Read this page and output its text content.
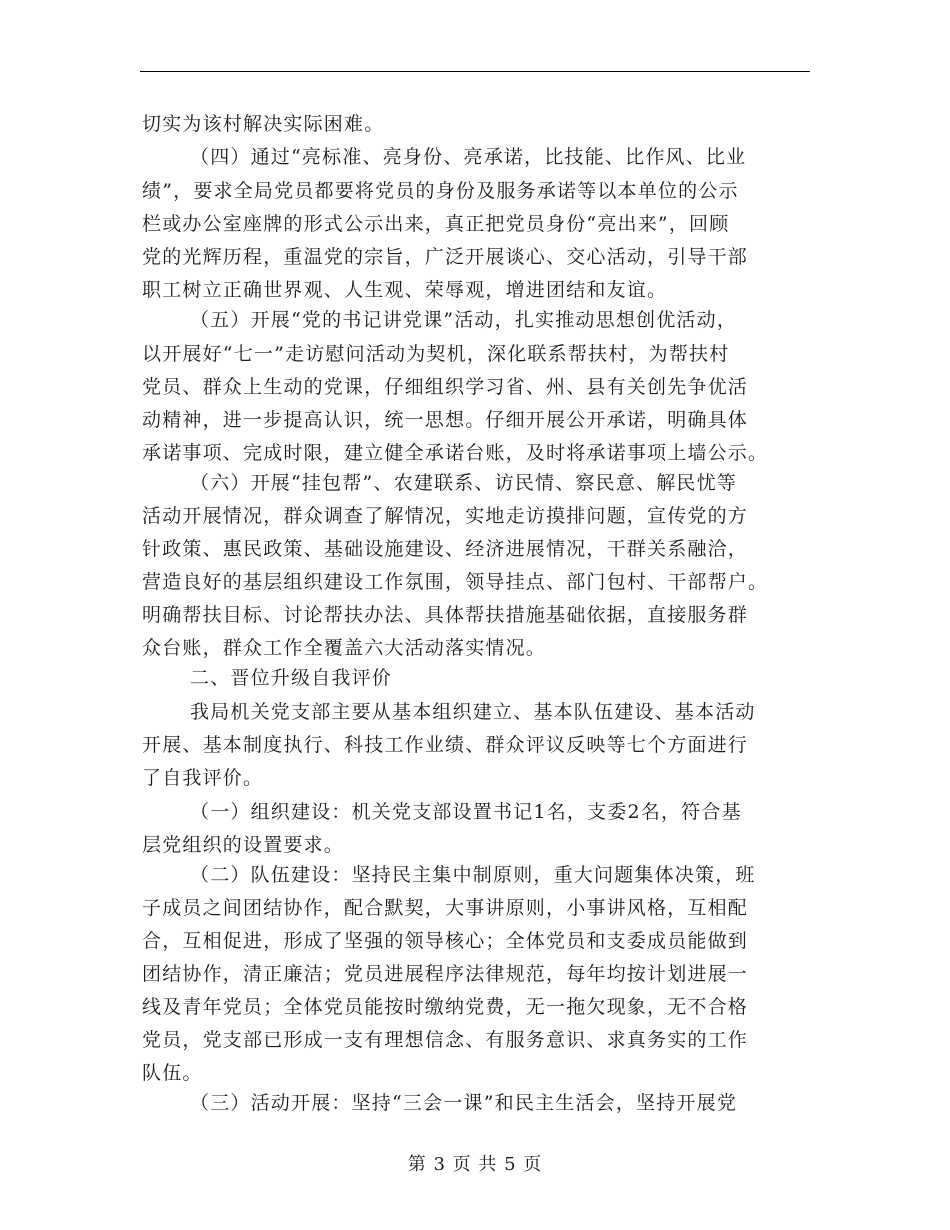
切实为该村解决实际困难。
（四）通过“亮标准、亮身份、亮承诺，比技能、比作风、比业
绩”，要求全局党员都要将党员的身份及服务承诺等以本单位的公示
栏或办公室座牌的形式公示出来，真正把党员身份“亮出来”，回顾
党的光辉历程，重温党的宗旨，广泛开展谈心、交心活动，引导干部
职工树立正确世界观、人生观、荣辱观，增进团结和友谊。
（五）开展“党的书记讲党课”活动，扎实推动思想创优活动，
以开展好“七一”走访慰问活动为契机，深化联系帮扶村，为帮扶村
党员、群众上生动的党课，仔细组织学习省、州、县有关创先争优活
动精神，进一步提高认识，统一思想。仔细开展公开承诺，明确具体
承诺事项、完成时限，建立健全承诺台账，及时将承诺事项上墙公示。
（六）开展“挂包帮”、农建联系、访民情、察民意、解民忧等
活动开展情况，群众调查了解情况，实地走访摸排问题，宣传党的方
针政策、惠民政策、基础设施建设、经济进展情况，干群关系融洽，
营造良好的基层组织建设工作氛围，领导挂点、部门包村、干部帮户。
明确帮扶目标、讨论帮扶办法、具体帮扶措施基础依据，直接服务群
众台账，群众工作全覆盖六大活动落实情况。
二、晋位升级自我评价
我局机关党支部主要从基本组织建立、基本队伍建设、基本活动
开展、基本制度执行、科技工作业绩、群众评议反映等七个方面进行
了自我评价。
（一）组织建设：机关党支部设置书记1名，支委2名，符合基
层党组织的设置要求。
（二）队伍建设：坚持民主集中制原则，重大问题集体决策，班
子成员之间团结协作，配合默契，大事讲原则，小事讲风格，互相配
合，互相促进，形成了坚强的领导核心；全体党员和支委成员能做到
团结协作，清正廉洁；党员进展程序法律规范，每年均按计划进展一
线及青年党员；全体党员能按时缴纳党费，无一拖欠现象，无不合格
党员，党支部已形成一支有理想信念、有服务意识、求真务实的工作
队伍。
（三）活动开展：坚持“三会一课”和民主生活会，坚持开展党
第 3 页 共 5 页
